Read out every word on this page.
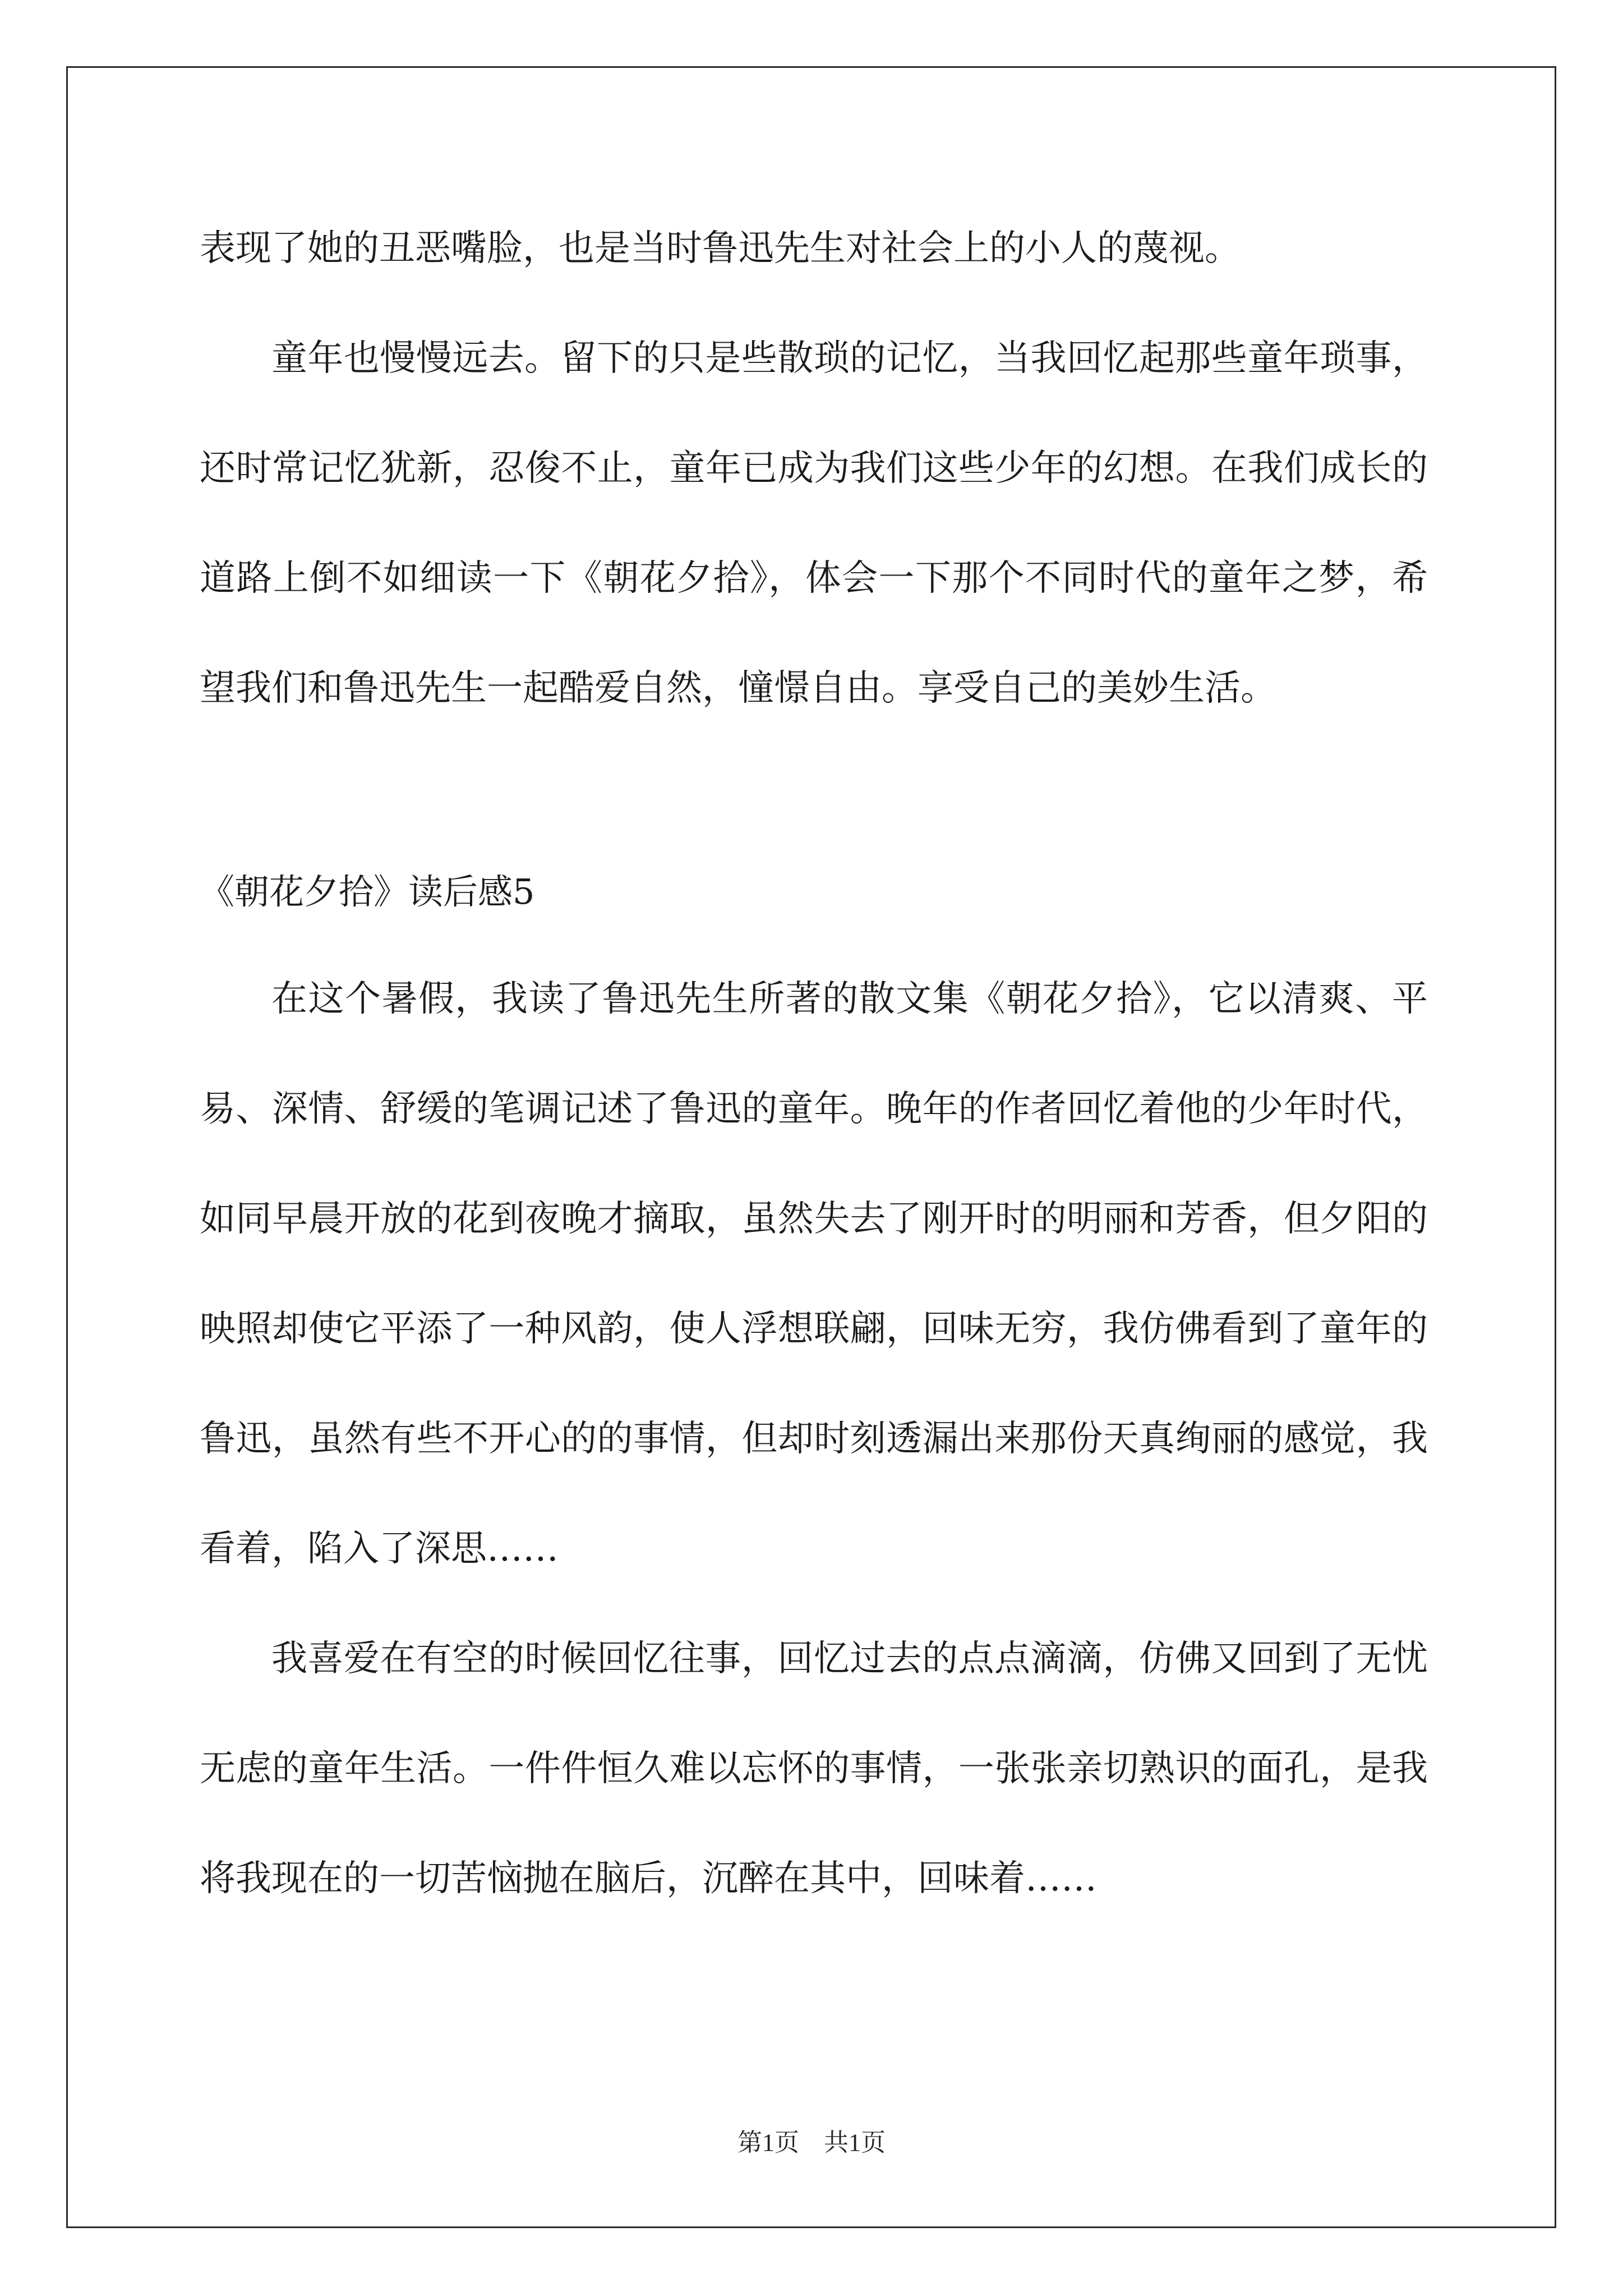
表现了她的丑恶嘴脸，也是当时鲁迅先生对社会上的小人的蔑视。

童年也慢慢远去。留下的只是些散琐的记忆，当我回忆起那些童年琐事，还时常记忆犹新，忍俊不止，童年已成为我们这些少年的幻想。在我们成长的道路上倒不如细读一下《朝花夕拾》，体会一下那个不同时代的童年之梦，希望我们和鲁迅先生一起酷爱自然，憧憬自由。享受自己的美妙生活。

《朝花夕拾》读后感5

在这个暑假，我读了鲁迅先生所著的散文集《朝花夕拾》，它以清爽、平易、深情、舒缓的笔调记述了鲁迅的童年。晚年的作者回忆着他的少年时代，如同早晨开放的花到夜晚才摘取，虽然失去了刚开时的明丽和芳香，但夕阳的映照却使它平添了一种风韵，使人浮想联翩，回味无穷，我仿佛看到了童年的鲁迅，虽然有些不开心的的事情，但却时刻透漏出来那份天真绚丽的感觉，我看着，陷入了深思……

我喜爱在有空的时候回忆往事，回忆过去的点点滴滴，仿佛又回到了无忧无虑的童年生活。一件件恒久难以忘怀的事情，一张张亲切熟识的面孔，是我将我现在的一切苦恼抛在脑后，沉醉在其中，回味着……

第1页　共1页
